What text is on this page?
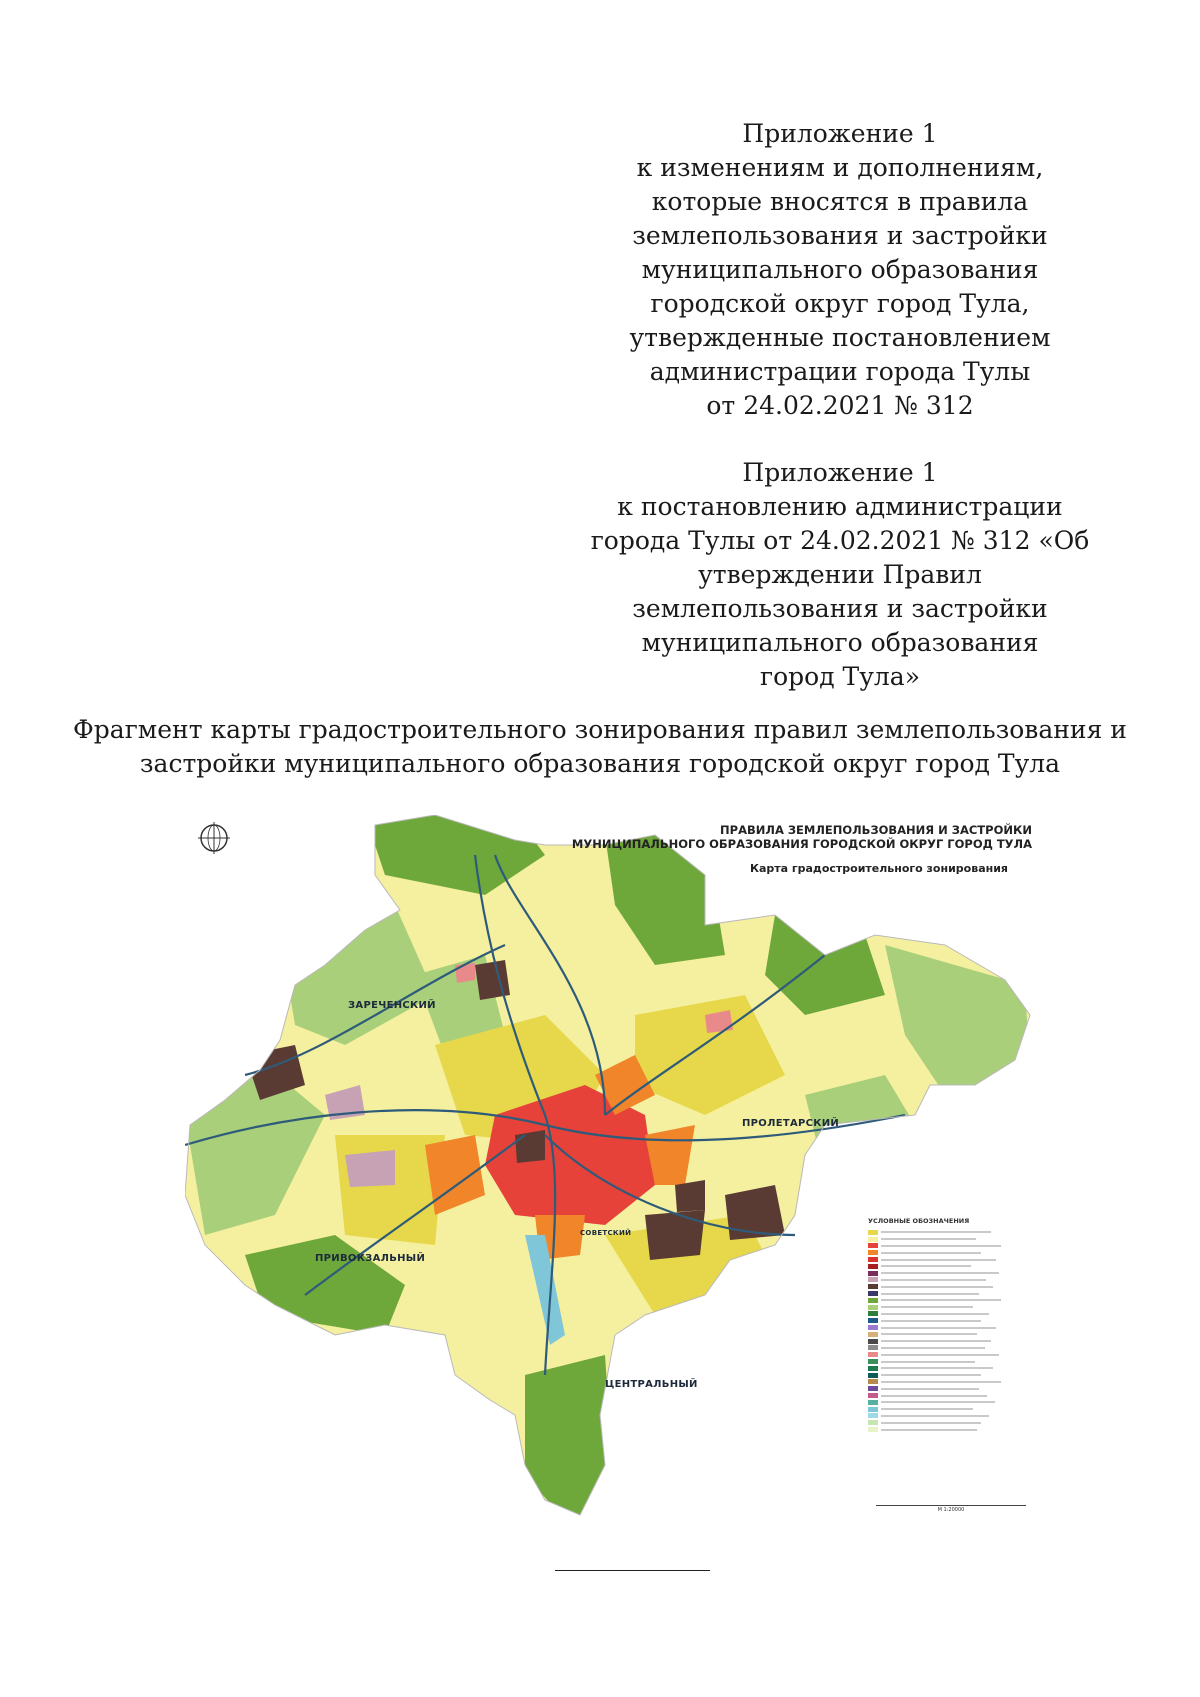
Приложение 1
к изменениям и дополнениям,
которые вносятся в правила
землепользования и застройки
муниципального образования
городской округ город Тула,
утвержденные постановлением
администрации города Тулы
от 24.02.2021 № 312
Приложение 1
к постановлению администрации
города Тулы от 24.02.2021 № 312 «Об
утверждении Правил
землепользования и застройки
муниципального образования
город Тула»
Фрагмент карты градостроительного зонирования правил землепользования и
застройки муниципального образования городской округ город Тула
ПРАВИЛА ЗЕМЛЕПОЛЬЗОВАНИЯ И ЗАСТРОЙКИ
МУНИЦИПАЛЬНОГО ОБРАЗОВАНИЯ ГОРОДСКОЙ ОКРУГ ГОРОД ТУЛА
Карта градостроительного зонирования
ЗАРЕЧЕНСКИЙ
ПРОЛЕТАРСКИЙ
ПРИВОКЗАЛЬНЫЙ
СОВЕТСКИЙ
ЦЕНТРАЛЬНЫЙ
УСЛОВНЫЕ ОБОЗНАЧЕНИЯ
М 1:20000
